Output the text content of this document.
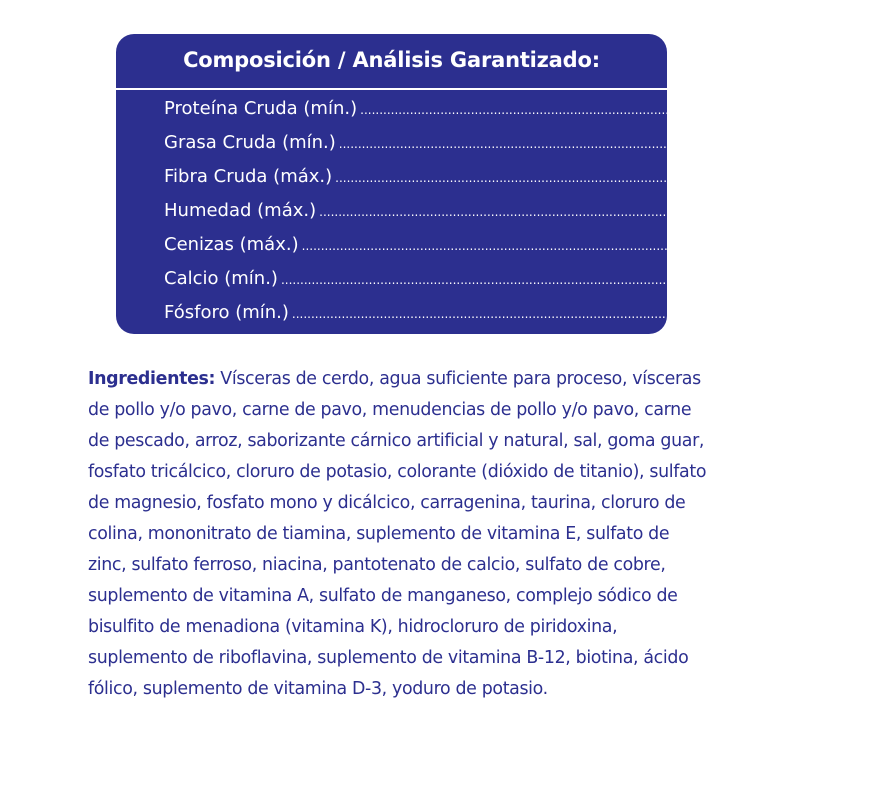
Composición / Análisis Garantizado:
Proteína Cruda (mín.) ........................................................................................................................ 10,0%
Grasa Cruda (mín.) ........................................................................................................................ 5,0%
Fibra Cruda (máx.) ........................................................................................................................ 1,0%
Humedad (máx.) ........................................................................................................................ 78,0%
Cenizas (máx.) ........................................................................................................................ 3,3%
Calcio (mín.) ........................................................................................................................ 0,22%
Fósforo (mín.) ........................................................................................................................ 0,18%
Ingredientes: Vísceras de cerdo, agua suficiente para proceso, vísceras de pollo y/o pavo, carne de pavo, menudencias de pollo y/o pavo, carne de pescado, arroz, saborizante cárnico artificial y natural, sal, goma guar, fosfato tricálcico, cloruro de potasio, colorante (dióxido de titanio), sulfato de magnesio, fosfato mono y dicálcico, carragenina, taurina, cloruro de colina, mononitrato de tiamina, suplemento de vitamina E, sulfato de zinc, sulfato ferroso, niacina, pantotenato de calcio, sulfato de cobre, suplemento de vitamina A, sulfato de manganeso, complejo sódico de bisulfito de menadiona (vitamina K), hidrocloruro de piridoxina, suplemento de riboflavina, suplemento de vitamina B-12, biotina, ácido fólico, suplemento de vitamina D-3, yoduro de potasio.
